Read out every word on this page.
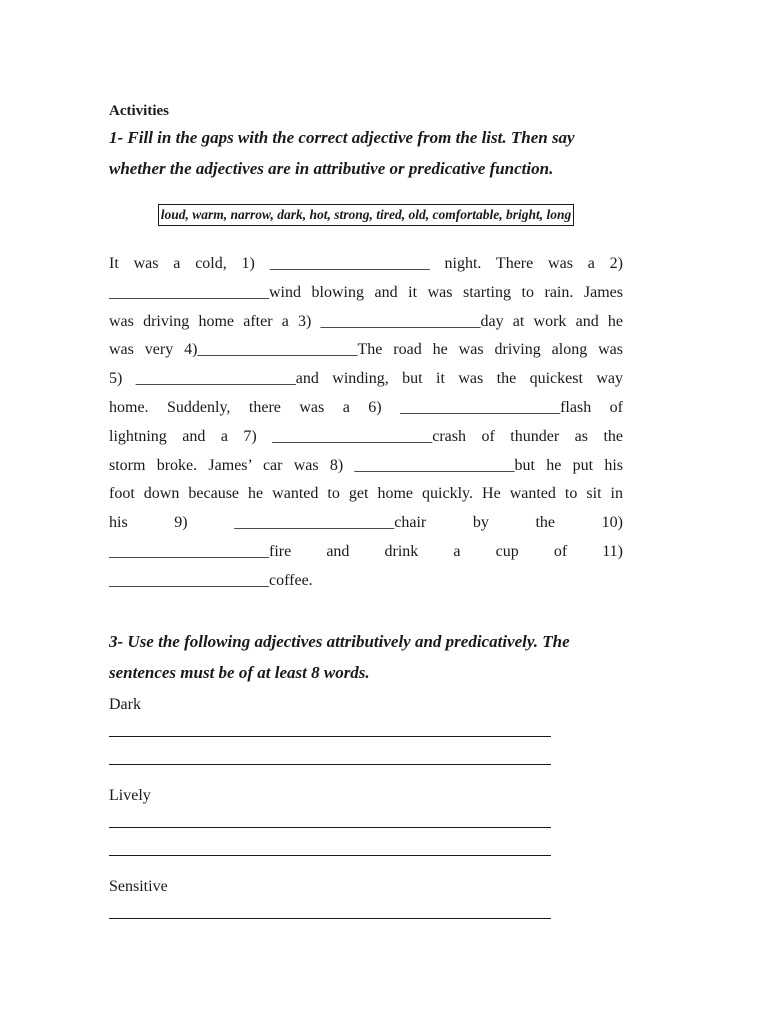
Activities

1- Fill in the gaps with the correct adjective from the list. Then say

whether the adjectives are in attributive or predicative function.

loud, warm, narrow, dark, hot, strong, tired, old, comfortable, bright, long
It was a cold, 1) ____________________ night. There was a 2)
____________________wind blowing and it was starting to rain. James
was driving home after a 3) ____________________day at work and he
was very 4)____________________The road he was driving along was
5) ____________________and winding, but it was the quickest way
home. Suddenly, there was a 6) ____________________flash of
lightning and a 7) ____________________crash of thunder as the
storm broke. James’ car was 8) ____________________but he put his
foot down because he wanted to get home quickly. He wanted to sit in
his 9) ____________________chair by the 10)
____________________fire and drink a cup of 11)
____________________coffee.

3- Use the following adjectives attributively and predicatively. The

sentences must be of at least 8 words.

Dark
Lively
Sensitive
